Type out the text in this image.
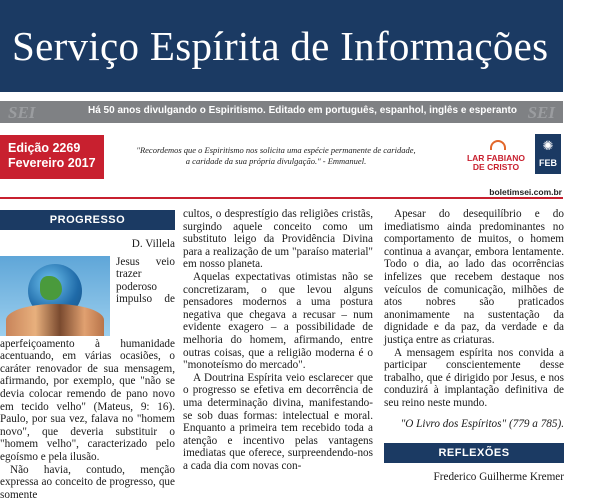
Serviço Espírita de Informações
SEI	Há 50 anos divulgando o Espiritismo. Editado em português, espanhol, inglês e esperanto SEI
Edição 2269
Fevereiro 2017
"Recordemos que o Espiritismo nos solicita uma espécie permanente de caridade,
a caridade da sua própria divulgação." - Emmanuel.	LAR FABIANO
DE CRISTO
✺
FEB
boletimsei.com.br
PROGRESSO
D. Villela

Jesus veio trazer poderoso impulso de aperfeiçoamento à humanidade acentuando, em várias ocasiões, o caráter renovador de sua mensagem, afirmando, por exemplo, que "não se devia colocar remendo de pano novo em tecido velho" (Mateus, 9: 16). Paulo, por sua vez, falava no "homem novo", que deveria substituir o "homem velho", caracterizado pelo egoísmo e pela ilusão.

Não havia, contudo, menção expressa ao conceito de progresso, que somente

cultos, o desprestígio das religiões cristãs, surgindo aquele conceito como um substituto leigo da Providência Divina para a realização de um "paraíso material" em nosso planeta.

Aquelas expectativas otimistas não se concretizaram, o que levou alguns pensadores modernos a uma postura negativa que chegava a recusar – num evidente exagero – a possibilidade de melhoria do homem, afirmando, entre outras coisas, que a religião moderna é o "monoteísmo do mercado".

A Doutrina Espírita veio esclarecer que o progresso se efetiva em decorrência de uma determinação divina, manifestando-se sob duas formas: intelectual e moral. Enquanto a primeira tem recebido toda a atenção e incentivo pelas vantagens imediatas que oferece, surpreendendo-nos a cada dia com novas con-

Apesar do desequilíbrio e do imediatismo ainda predominantes no comportamento de muitos, o homem continua a avançar, embora lentamente. Todo o dia, ao lado das ocorrências infelizes que recebem destaque nos veículos de comunicação, milhões de atos nobres são praticados anonimamente na sustentação da dignidade e da paz, da verdade e da justiça entre as criaturas.

A mensagem espírita nos convida a participar conscientemente desse trabalho, que é dirigido por Jesus, e nos conduzirá à implantação definitiva de seu reino neste mundo.

"O Livro dos Espíritos" (779 a 785).
REFLEXÕES
Frederico Guilherme Kremer
